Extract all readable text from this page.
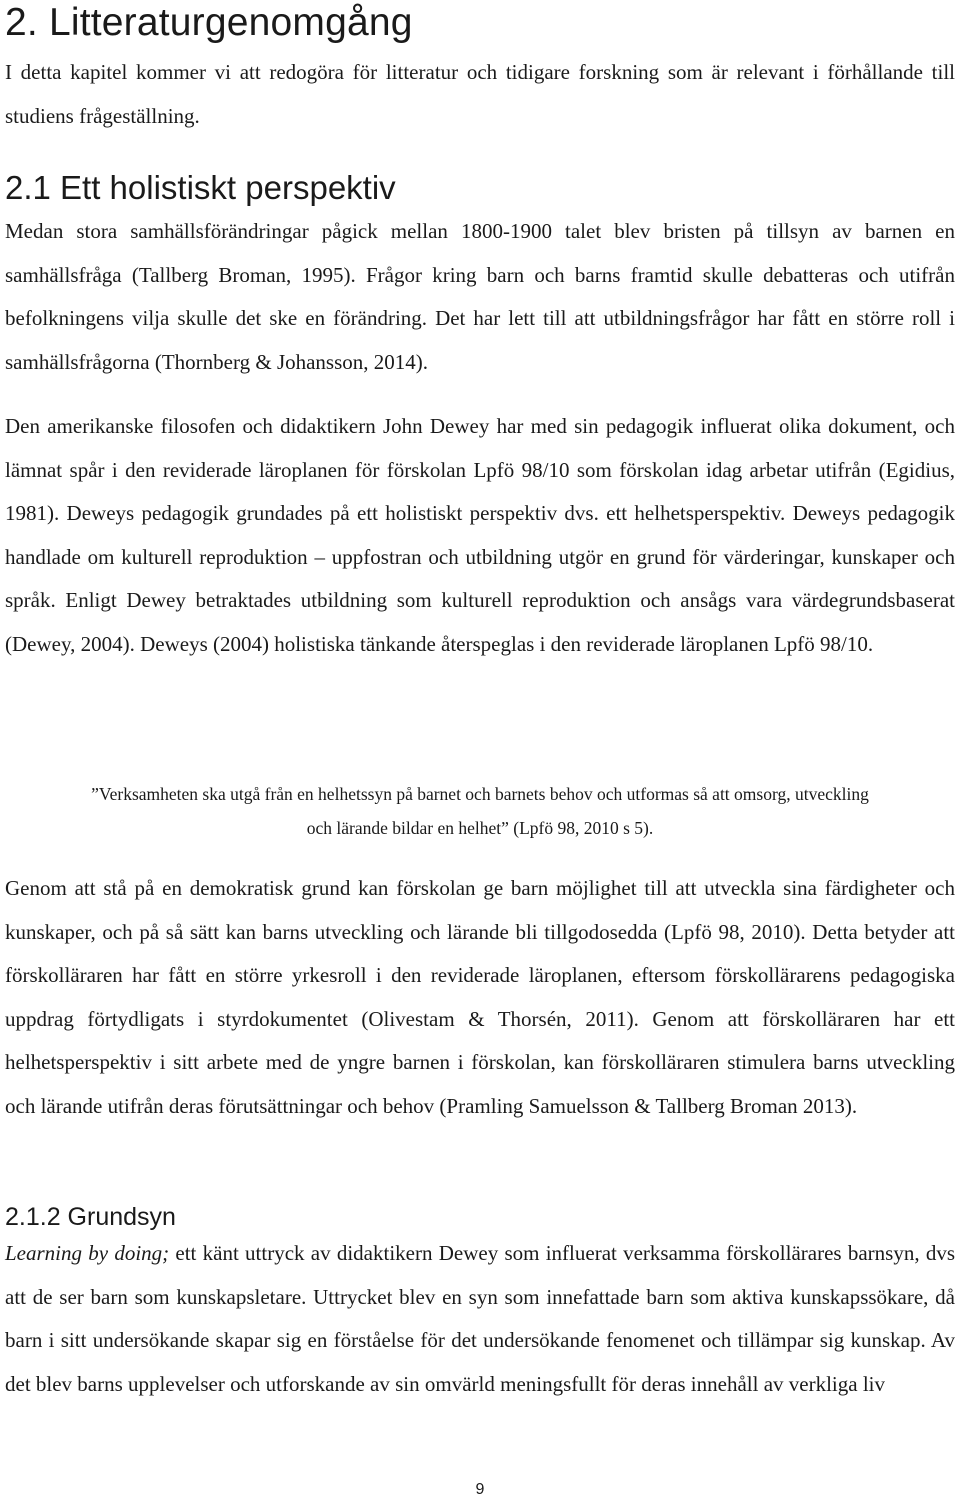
2. Litteraturgenomgång

I detta kapitel kommer vi att redogöra för litteratur och tidigare forskning som är relevant i förhållande till studiens frågeställning.

2.1 Ett holistiskt perspektiv

Medan stora samhällsförändringar pågick mellan 1800-1900 talet blev bristen på tillsyn av barnen en samhällsfråga (Tallberg Broman, 1995). Frågor kring barn och barns framtid skulle debatteras och utifrån befolkningens vilja skulle det ske en förändring. Det har lett till att utbildningsfrågor har fått en större roll i samhällsfrågorna (Thornberg & Johansson, 2014).

Den amerikanske filosofen och didaktikern John Dewey har med sin pedagogik influerat olika dokument, och lämnat spår i den reviderade läroplanen för förskolan Lpfö 98/10 som förskolan idag arbetar utifrån (Egidius, 1981). Deweys pedagogik grundades på ett holistiskt perspektiv dvs. ett helhetsperspektiv. Deweys pedagogik handlade om kulturell reproduktion – uppfostran och utbildning utgör en grund för värderingar, kunskaper och språk. Enligt Dewey betraktades utbildning som kulturell reproduktion och ansågs vara värdegrundsbaserat (Dewey, 2004). Deweys (2004) holistiska tänkande återspeglas i den reviderade läroplanen Lpfö 98/10.

”Verksamheten ska utgå från en helhetssyn på barnet och barnets behov och utformas så att omsorg, utveckling och lärande bildar en helhet” (Lpfö 98, 2010 s 5).

Genom att stå på en demokratisk grund kan förskolan ge barn möjlighet till att utveckla sina färdigheter och kunskaper, och på så sätt kan barns utveckling och lärande bli tillgodosedda (Lpfö 98, 2010). Detta betyder att förskolläraren har fått en större yrkesroll i den reviderade läroplanen, eftersom förskollärarens pedagogiska uppdrag förtydligats i styrdokumentet (Olivestam & Thorsén, 2011). Genom att förskolläraren har ett helhetsperspektiv i sitt arbete med de yngre barnen i förskolan, kan förskolläraren stimulera barns utveckling och lärande utifrån deras förutsättningar och behov (Pramling Samuelsson & Tallberg Broman 2013).

2.1.2 Grundsyn

Learning by doing; ett känt uttryck av didaktikern Dewey som influerat verksamma förskollärares barnsyn, dvs att de ser barn som kunskapsletare. Uttrycket blev en syn som innefattade barn som aktiva kunskapssökare, då barn i sitt undersökande skapar sig en förståelse för det undersökande fenomenet och tillämpar sig kunskap. Av det blev barns upplevelser och utforskande av sin omvärld meningsfullt för deras innehåll av verkliga liv

9
